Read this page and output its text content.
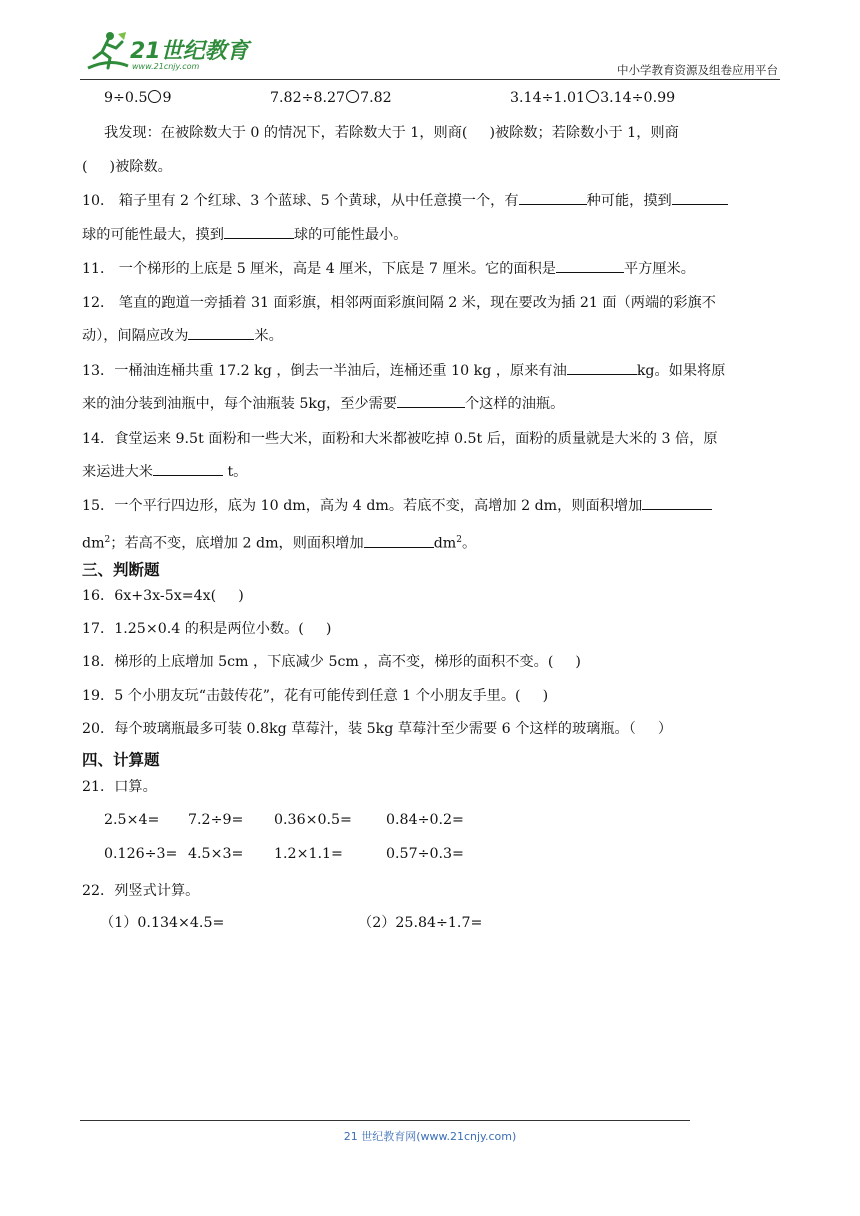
21世纪教育
www.21cnjy.com	中小学教育资源及组卷应用平台
9÷0.5 9	7.82÷8.27 7.82	3.14÷1.01 3.14÷0.99
我发现：在被除数大于 0 的情况下，若除数大于 1，则商( )被除数；若除数小于 1，则商
( )被除数。
10． 箱子里有 2 个红球、3 个蓝球、5 个黄球，从中任意摸一个，有	种可能，摸到
球的可能性最大，摸到	球的可能性最小。
11． 一个梯形的上底是 5 厘米，高是 4 厘米，下底是 7 厘米。它的面积是	平方厘米。
12． 笔直的跑道一旁插着 31 面彩旗，相邻两面彩旗间隔 2 米，现在要改为插 21 面（两端的彩旗不
动），间隔应改为	米。
13．一桶油连桶共重 17.2 kg ，倒去一半油后，连桶还重 10 kg ，原来有油	kg。如果将原
来的油分装到油瓶中，每个油瓶装 5kg，至少需要	个这样的油瓶。
14．食堂运来 9.5t 面粉和一些大米，面粉和大米都被吃掉 0.5t 后，面粉的质量就是大米的 3 倍，原
来运进大米	t。
15．一个平行四边形，底为 10 dm，高为 4 dm。若底不变，高增加 2 dm，则面积增加
$dm^2$；若高不变，底增加 2 dm，则面积增加	$dm^2$。
三、判断题
16．6x+3x-5x=4x( )
17．1.25×0.4 的积是两位小数。( )
18．梯形的上底增加 5cm ，下底减少 5cm ，高不变，梯形的面积不变。( )
19．5 个小朋友玩“击鼓传花”，花有可能传到任意 1 个小朋友手里。( )
20．每个玻璃瓶最多可装 0.8kg 草莓汁，装 5kg 草莓汁至少需要 6 个这样的玻璃瓶。（ ）
四、计算题
21．口算。
2.5×4= 7.2÷9= 0.36×0.5= 0.84÷0.2=
0.126÷3= 4.5×3= 1.2×1.1=	0.57÷0.3=
22．列竖式计算。
（1）0.134×4.5=	（2）25.84÷1.7=
21 世纪教育网(www.21cnjy.com)
